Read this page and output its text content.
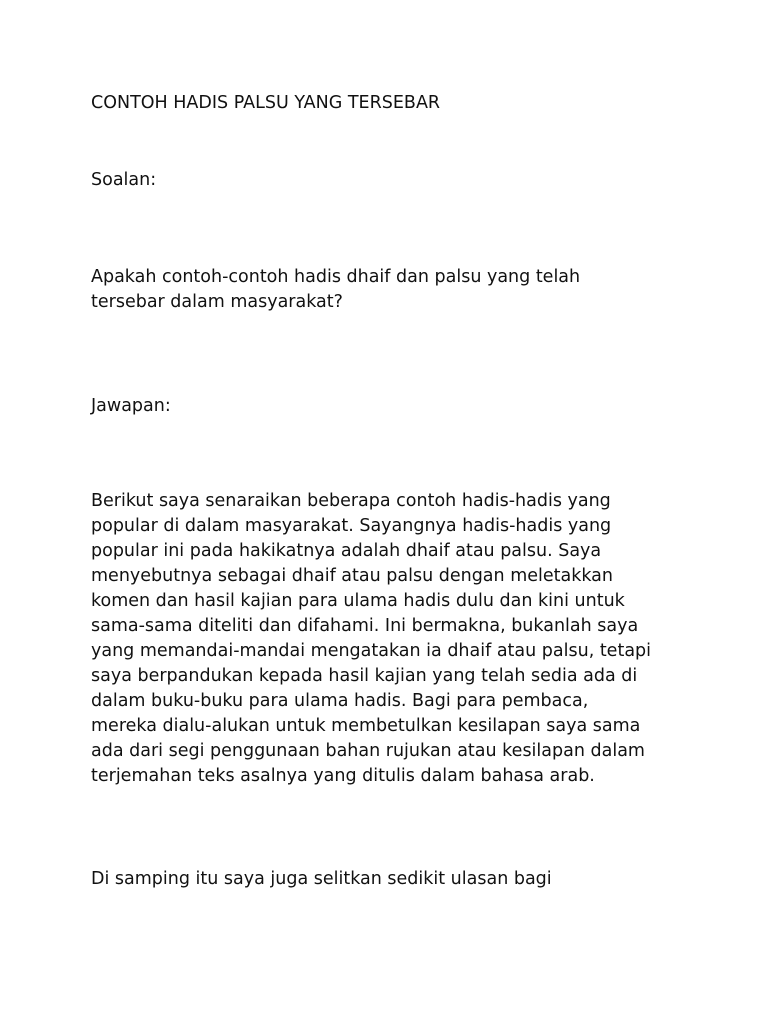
CONTOH HADIS PALSU YANG TERSEBAR

Soalan:

Apakah contoh-contoh hadis dhaif dan palsu yang telah
tersebar dalam masyarakat?

Jawapan:

Berikut saya senaraikan beberapa contoh hadis-hadis yang
popular di dalam masyarakat. Sayangnya hadis-hadis yang
popular ini pada hakikatnya adalah dhaif atau palsu. Saya
menyebutnya sebagai dhaif atau palsu dengan meletakkan
komen dan hasil kajian para ulama hadis dulu dan kini untuk
sama-sama diteliti dan difahami. Ini bermakna, bukanlah saya
yang memandai-mandai mengatakan ia dhaif atau palsu, tetapi
saya berpandukan kepada hasil kajian yang telah sedia ada di
dalam buku-buku para ulama hadis. Bagi para pembaca,
mereka dialu-alukan untuk membetulkan kesilapan saya sama
ada dari segi penggunaan bahan rujukan atau kesilapan dalam
terjemahan teks asalnya yang ditulis dalam bahasa arab.

Di samping itu saya juga selitkan sedikit ulasan bagi
